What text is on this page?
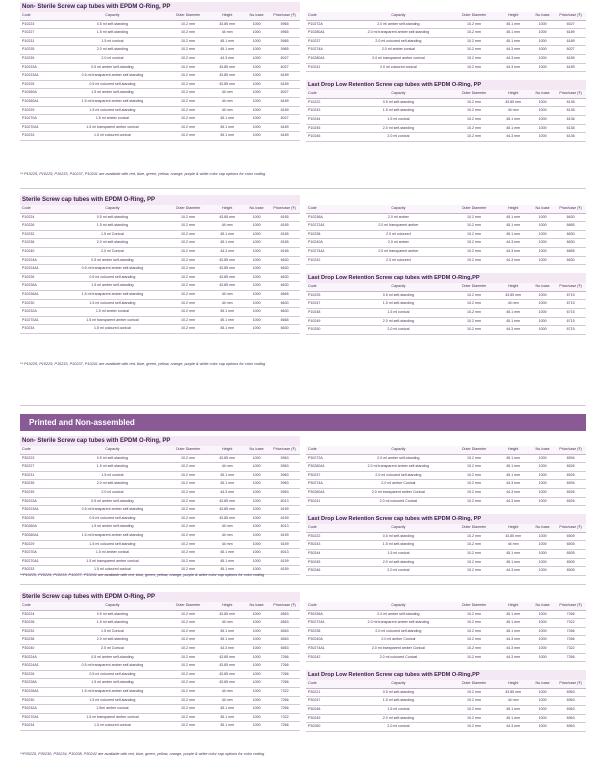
Printed and Non-assembled
Non- Sterile Screw cap tubes with EPDM O-Ring, PP
Code	Capacity	Outer Diameter	Height	No./case	Price/case (₹)
P10223	0.5 ml self-standing	10.2 mm	43.85 mm	1000	5965
P10227	1.5 ml self-standing	10.2 mm	44 mm	1000	5965
P10231	1.5 ml conical	10.2 mm	45.1 mm	1000	5965
P10235	2.0 ml self-standing	10.2 mm	45.1 mm	1000	5965
P10239	2.0 ml conical	10.2 mm	44.3 mm	1000	6027
P10223A	0.5 ml amber self-standing	10.2 mm	43.85 mm	1000	6027
P10223A1	0.5 ml transparent amber self-standing	10.2 mm	43.85 mm	1000	6189
P10225	0.5 ml coloured self-standing	10.2 mm	43.85 mm	1000	6189
P10260A	1.5 ml amber self-standing	10.2 mm	44 mm	1000	6027
P10260A1	1.5 ml transparent amber self-standing	10.2 mm	44 mm	1000	6189
P10229	1.5 ml coloured self-standing	10.2 mm	44 mm	1000	6189
P10270A	1.5 ml amber conical	10.2 mm	45.1 mm	1000	6027
P10270A1	1.5 ml transparent amber conical	10.2 mm	45.1 mm	1000	6189
P10233	1.5 ml coloured conical	10.2 mm	45.1 mm	1000	6189
Code	Capacity	Outer Diameter	Height	No./case	Price/case (₹)
P10272A	2.0 ml amber self-standing	10.2 mm	45.1 mm	1000	6027
P10280A1	2.0 ml transparent amber self-standing	10.2 mm	45.1 mm	1000	6189
P10237	2.0 ml coloured self-standing	10.2 mm	45.1 mm	1000	6189
P10274A	2.0 ml amber conical	10.2 mm	44.3 mm	1000	6027
P10280A1	2.0 ml transparent amber conical	10.2 mm	44.3 mm	1000	6189
P10241	2.0 ml coloured conical	10.2 mm	44.3 mm	1000	6189
Last Drop Low Retention Screw cap tubes with EPDM O-Ring, PP
Code	Capacity	Outer Diameter	Height	No./case	Price/case (₹)
P10222	0.5 ml self-standing	10.2 mm	43.85 mm	1000	6136
P10243	1.5 ml self-standing	10.2 mm	44 mm	1000	6136
P10244	1.5 ml conical	10.2 mm	45.1 mm	1000	6136
P10245	2.0 ml self-standing	10.2 mm	45.1 mm	1000	6136
P10246	2.0 ml conical	10.2 mm	44.3 mm	1000	6136
** P10225, P10229, P10233, P10237, P10241 are available with red, blue, green, yellow, orange, purple & white color cap options for color coding
Sterile Screw cap tubes with EPDM O-Ring, PP
Code	Capacity	Outer Diameter	Height	No./case	Price/case (₹)
P10224	0.5 ml self-standing	10.2 mm	43.85 mm	1000	6165
P10226	1.5 ml self-standing	10.2 mm	44 mm	1000	6165
P10232	1.5 ml Conical	10.2 mm	45.1 mm	1000	6165
P10236	2.0 ml self-standing	10.2 mm	45.1 mm	1000	6165
P10240	2.0 ml Conical	10.2 mm	44.3 mm	1000	6165
P10224A	0.5 ml amber self-standing	10.2 mm	43.85 mm	1000	6630
P10224A1	0.5 ml transparent amber self-standing	10.2 mm	43.85 mm	1000	6630
P10226	0.5 ml coloured self-standing	10.2 mm	43.85 mm	1000	6630
P10226A	1.5 ml amber self-standing	10.2 mm	43.85 mm	1000	6630
P10226A1	1.5 ml transparent amber self-standing	10.2 mm	44 mm	1000	6665
P10230	1.5 ml coloured self-standing	10.2 mm	44 mm	1000	6630
P10232A	1.5 ml amber conical	10.2 mm	45.1 mm	1000	6630
P10270A1	1.5 ml transparent amber conical	10.2 mm	45.1 mm	1000	6665
P10234	1.5 ml coloured conical	10.2 mm	45.1 mm	1000	6630
Code	Capacity	Outer Diameter	Height	No./case	Price/case (₹)
P10236A	2.0 ml amber	10.2 mm	45.1 mm	1000	6630
P10272A1	2.0 ml transparent amber	10.2 mm	45.1 mm	1000	6665
P10238	2.0 ml coloured	10.2 mm	45.1 mm	1000	6630
P10240A	2.0 ml amber	10.2 mm	44.3 mm	1000	6630
P10274A1	2.0 ml transparent amber	10.2 mm	44.3 mm	1000	6665
P10242	2.0 ml coloured	10.2 mm	44.3 mm	1000	6630
Last Drop Low Retention Screw cap tubes with EPDM O-Ring,PP
Code	Capacity	Outer Diameter	Height	No./case	Price/case (₹)
P10225	0.5 ml self-standing	10.2 mm	43.85 mm	1000	6715
P10247	1.5 ml self-standing	10.2 mm	44 mm	1000	6715
P10248	1.5 ml conical	10.2 mm	45.1 mm	1000	6715
P10249	2.0 ml self-standing	10.2 mm	45.1 mm	1000	6715
P10250	2.0 ml conical	10.2 mm	44.3 mm	1000	6715
** P10225, P10229, P10233, P10237, P10241 are available with red, blue, green, yellow, orange, purple & white color cap options for color coding
Non- Sterile Screw cap tubes with EPDM O-Ring, PP
Code	Capacity	Outer Diameter	Height	No./case	Price/case (₹)
P30223	0.5 ml self-standing	10.2 mm	43.85 mm	1000	5963
P30227	1.5 ml self-standing	10.2 mm	44 mm	1000	5963
P30231	1.5 ml conical	10.2 mm	45.1 mm	1000	5963
P30235	2.0 ml self-standing	10.2 mm	45.1 mm	1000	5963
P30239	2.0 ml conical	10.2 mm	44.3 mm	1000	5963
P30223A	0.5 ml amber self-standing	10.2 mm	43.85 mm	1000	6013
P30223A1	0.5 ml transparent amber self-standing	10.2 mm	43.85 mm	1000	6159
P30225	0.5 ml coloured self-standing	10.2 mm	43.85 mm	1000	6159
P30260A	1.5 ml amber self-standing	10.2 mm	44 mm	1000	6013
P30260A1	1.5 ml transparent amber self-standing	10.2 mm	44 mm	1000	6159
P30229	1.5 ml coloured self-standing	10.2 mm	44 mm	1000	6159
P30270A	1.5 ml amber conical	10.2 mm	45.1 mm	1000	6013
P30270A1	1.5 ml transparent amber conical	10.2 mm	45.1 mm	1000	6159
P30233	1.5 ml coloured conical	10.2 mm	45.1 mm	1000	6159
Code	Capacity	Outer Diameter	Height	No./case	Price/case (₹)
P30272A	2.0 ml amber self-standing	10.2 mm	45.1 mm	1000	6594
P30280A1	2.0 ml transparent amber self-standing	10.2 mm	45.1 mm	1000	6526
P30237	2.0 ml coloured self-standing	10.2 mm	45.1 mm	1000	6526
P30274A	2.0 ml amber Conical	10.2 mm	44.3 mm	1000	6594
P30280A1	2.0 ml transparent amber Conical	10.2 mm	44.3 mm	1000	6526
P30241	2.0 ml coloured Conical	10.2 mm	44.3 mm	1000	6526
Last Drop Low Retention Screw cap tubes with EPDM O-Ring, PP
Code	Capacity	Outer Diameter	Height	No./case	Price/case (₹)
P30222	0.5 ml self-standing	10.2 mm	43.85 mm	1000	6505
P30243	1.5 ml self-standing	10.2 mm	44 mm	1000	6505
P30244	1.5 ml conical	10.2 mm	45.1 mm	1000	6505
P30245	2.0 ml self-standing	10.2 mm	45.1 mm	1000	6505
P30246	2.0 ml conical	10.2 mm	44.3 mm	1000	6505
**P10225, P10229, P10233, P10237, P10241 are available with red, blue, green, yellow, orange, purple & white color cap options for color coding
Sterile Screw cap tubes with EPDM O-Ring, PP
Code	Capacity	Outer Diameter	Height	No./case	Price/case (₹)
P30224	0.5 ml self-standing	10.2 mm	43.85 mm	1000	6563
P30228	1.5 ml self-standing	10.2 mm	44 mm	1000	6563
P30232	1.5 ml Conical	10.2 mm	45.1 mm	1000	6563
P30236	2.0 ml self-standing	10.2 mm	45.1 mm	1000	6563
P30240	2.0 ml Conical	10.2 mm	44.3 mm	1000	6563
P30224A	0.5 ml amber self-standing	10.2 mm	43.85 mm	1000	7266
P30224A1	0.5 ml transparent amber self-standing	10.2 mm	43.85 mm	1000	7266
P30226	0.5 ml coloured self-standing	10.2 mm	43.85 mm	1000	7266
P30228A	1.5 ml amber self-standing	10.2 mm	43.85 mm	1000	7266
P30228A1	1.5 ml transparent amber self-standing	10.2 mm	44 mm	1000	7322
P30230	1.5 ml coloured self-standing	10.2 mm	44 mm	1000	7266
P30232A	1.5ml amber conical	10.2 mm	45.1 mm	1000	7266
P30270A1	1.5 ml transparent amber conical	10.2 mm	45.1 mm	1000	7322
P30234	1.5 ml coloured conical	10.2 mm	45.1 mm	1000	7266
Code	Capacity	Outer Diameter	Height	No./case	Price/case (₹)
P30236A	2.0 ml amber self-standing	10.2 mm	45.1 mm	1000	7266
P30272A1	2.0 ml transparent amber self-standing	10.2 mm	45.1 mm	1000	7322
P30238	2.0 ml coloured self-standing	10.2 mm	45.1 mm	1000	7266
P30240A	2.0 ml amber Conical	10.2 mm	44.3 mm	1000	7266
P30274A1	2.0 ml transparent amber Conical	10.2 mm	44.3 mm	1000	7322
P30242	2.0 ml coloured Conical	10.2 mm	44.3 mm	1000	7266
Last Drop Low Retention Screw cap tubes with EPDM O-Ring,PP
Code	Capacity	Outer Diameter	Height	No./case	Price/case (₹)
P30221	0.5 ml self-standing	10.2 mm	43.85 mm	1000	6963
P30247	1.5 ml self-standing	10.2 mm	44 mm	1000	6963
P30248	1.5 ml conical	10.2 mm	45.1 mm	1000	6963
P30249	2.0 ml self-standing	10.2 mm	45.1 mm	1000	6963
P30250	2.0 ml conical	10.2 mm	44.3 mm	1000	6963
**P30225, P30230, P30234, P30238, P30242 are available with red, blue, green, yellow, orange, purple & white color cap options for color coding
